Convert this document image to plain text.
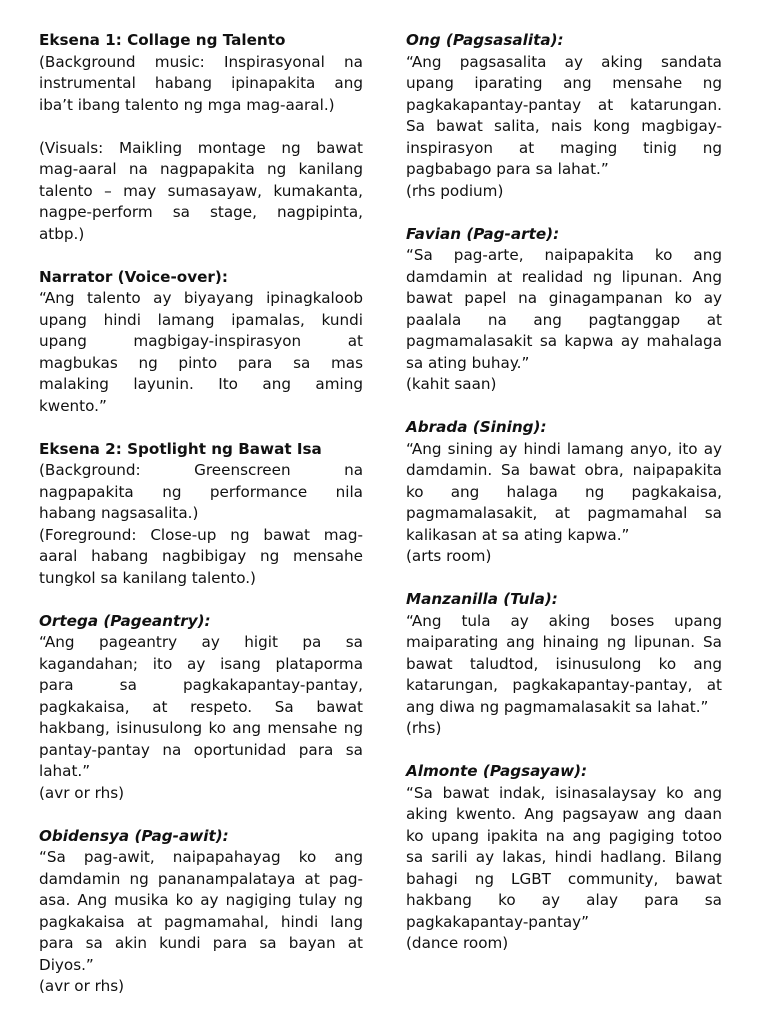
Eksena 1: Collage ng Talento
(Background music: Inspirasyonal na
instrumental habang ipinapakita ang
iba’t ibang talento ng mga mag-aaral.)
(Visuals: Maikling montage ng bawat
mag-aaral na nagpapakita ng kanilang
talento – may sumasayaw, kumakanta,
nagpe-perform sa stage, nagpipinta,
atbp.)
Narrator (Voice-over):
“Ang talento ay biyayang ipinagkaloob
upang hindi lamang ipamalas, kundi
upang magbigay-inspirasyon at
magbukas ng pinto para sa mas
malaking layunin. Ito ang aming
kwento.”
Eksena 2: Spotlight ng Bawat Isa
(Background: Greenscreen na
nagpapakita ng performance nila
habang nagsasalita.)
(Foreground: Close-up ng bawat mag-
aaral habang nagbibigay ng mensahe
tungkol sa kanilang talento.)
Ortega (Pageantry):
“Ang pageantry ay higit pa sa
kagandahan; ito ay isang plataporma
para sa pagkakapantay-pantay,
pagkakaisa, at respeto. Sa bawat
hakbang, isinusulong ko ang mensahe ng
pantay-pantay na oportunidad para sa
lahat.”
(avr or rhs)
Obidensya (Pag-awit):
“Sa pag-awit, naipapahayag ko ang
damdamin ng pananampalataya at pag-
asa. Ang musika ko ay nagiging tulay ng
pagkakaisa at pagmamahal, hindi lang
para sa akin kundi para sa bayan at
Diyos.”
(avr or rhs)
Ong (Pagsasalita):
“Ang pagsasalita ay aking sandata
upang iparating ang mensahe ng
pagkakapantay-pantay at katarungan.
Sa bawat salita, nais kong magbigay-
inspirasyon at maging tinig ng
pagbabago para sa lahat.”
(rhs podium)
Favian (Pag-arte):
“Sa pag-arte, naipapakita ko ang
damdamin at realidad ng lipunan. Ang
bawat papel na ginagampanan ko ay
paalala na ang pagtanggap at
pagmamalasakit sa kapwa ay mahalaga
sa ating buhay.”
(kahit saan)
Abrada (Sining):
“Ang sining ay hindi lamang anyo, ito ay
damdamin. Sa bawat obra, naipapakita
ko ang halaga ng pagkakaisa,
pagmamalasakit, at pagmamahal sa
kalikasan at sa ating kapwa.”
(arts room)
Manzanilla (Tula):
“Ang tula ay aking boses upang
maiparating ang hinaing ng lipunan. Sa
bawat taludtod, isinusulong ko ang
katarungan, pagkakapantay-pantay, at
ang diwa ng pagmamalasakit sa lahat.”
(rhs)
Almonte (Pagsayaw):
“Sa bawat indak, isinasalaysay ko ang
aking kwento. Ang pagsayaw ang daan
ko upang ipakita na ang pagiging totoo
sa sarili ay lakas, hindi hadlang. Bilang
bahagi ng LGBT community, bawat
hakbang ko ay alay para sa
pagkakapantay-pantay”
(dance room)
